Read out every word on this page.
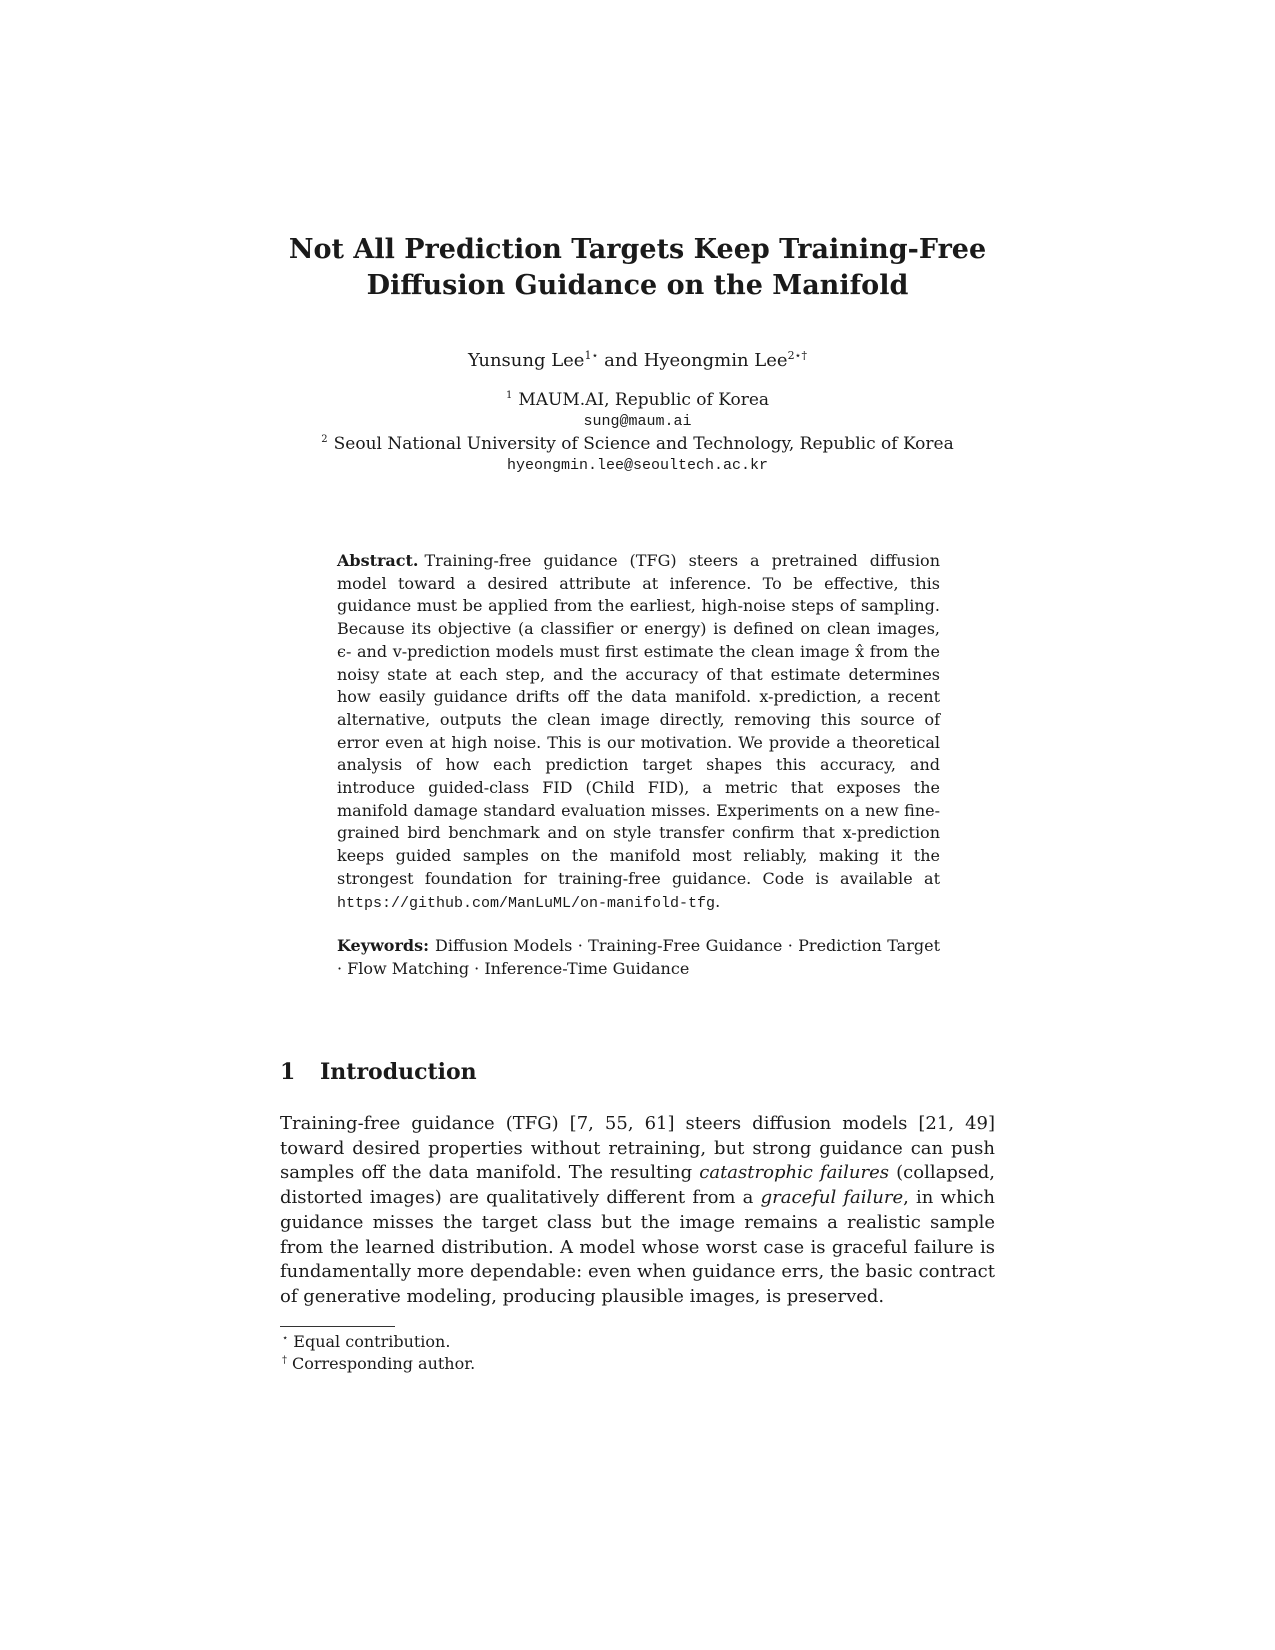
Not All Prediction Targets Keep Training-Free
Diffusion Guidance on the Manifold
Yunsung Lee$^{1⋆}$ and Hyeongmin Lee$^{2⋆\dagger}$
$^1$ MAUM.AI, Republic of Korea
sung@maum.ai
$^2$ Seoul National University of Science and Technology, Republic of Korea
hyeongmin.lee@seoultech.ac.kr
Abstract. Training-free guidance (TFG) steers a pretrained diffusion model toward a desired attribute at inference. To be effective, this guidance must be applied from the earliest, high-noise steps of sampling. Because its objective (a classifier or energy) is defined on clean images, ϵ- and v-prediction models must first estimate the clean image x̂ from the noisy state at each step, and the accuracy of that estimate determines how easily guidance drifts off the data manifold. x-prediction, a recent alternative, outputs the clean image directly, removing this source of error even at high noise. This is our motivation. We provide a theoretical analysis of how each prediction target shapes this accuracy, and introduce guided-class FID (Child FID), a metric that exposes the manifold damage standard evaluation misses. Experiments on a new fine-grained bird benchmark and on style transfer confirm that x-prediction keeps guided samples on the manifold most reliably, making it the strongest foundation for training-free guidance. Code is available at https://github.com/ManLuML/on-manifold-tfg.
Keywords: Diffusion Models · Training-Free Guidance · Prediction Target · Flow Matching · Inference-Time Guidance
1 Introduction
Training-free guidance (TFG) [7, 55, 61] steers diffusion models [21, 49] toward desired properties without retraining, but strong guidance can push samples off the data manifold. The resulting catastrophic failures (collapsed, distorted images) are qualitatively different from a graceful failure, in which guidance misses the target class but the image remains a realistic sample from the learned distribution. A model whose worst case is graceful failure is fundamentally more dependable: even when guidance errs, the basic contract of generative modeling, producing plausible images, is preserved.
⋆ Equal contribution.
† Corresponding author.
